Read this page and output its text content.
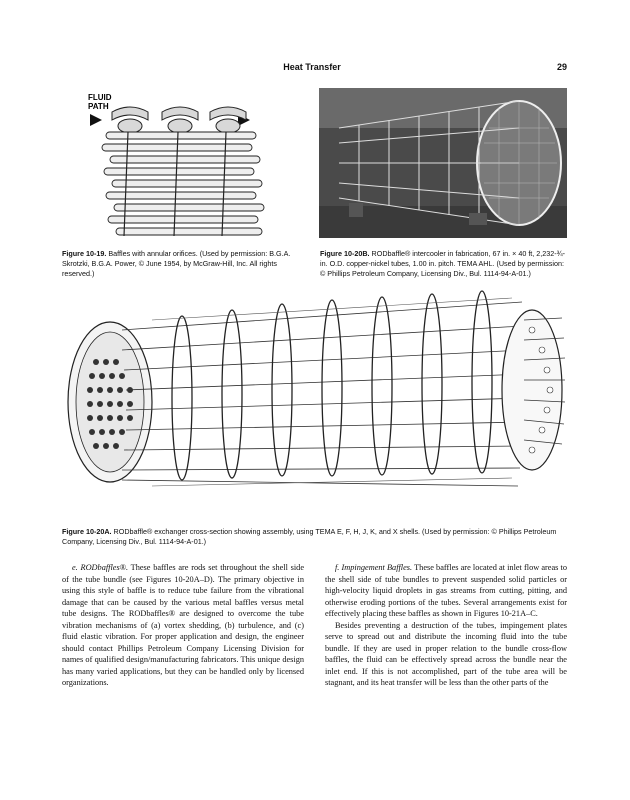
Heat Transfer	29
FLUID
PATH
Figure 10-19. Baffles with annular orifices. (Used by permission: B.G.A. Skrotzki, B.G.A. Power, © June 1954, by McGraw-Hill, Inc. All rights reserved.)
Figure 10-20B. RODbaffle® intercooler in fabrication, 67 in. × 40 ft, 2,232-¾-in. O.D. copper-nickel tubes, 1.00 in. pitch. TEMA AHL. (Used by permission: © Phillips Petroleum Company, Licensing Div., Bul. 1114-94-A-01.)
Figure 10-20A. RODbaffle® exchanger cross-section showing assembly, using TEMA E, F, H, J, K, and X shells. (Used by permission: © Phillips Petroleum Company, Licensing Div., Bul. 1114-94-A-01.)

e. RODbaffles®. These baffles are rods set throughout the shell side of the tube bundle (see Figures 10-20A–D). The primary objective in using this style of baffle is to reduce tube failure from the vibrational damage that can be caused by the various metal baffles versus metal tube designs. The RODbaffles® are designed to overcome the tube vibration mechanisms of (a) vortex shedding, (b) turbulence, and (c) fluid elastic vibration. For proper application and design, the engineer should contact Phillips Petroleum Company Licensing Division for names of qualified design/manufacturing fabricators. This unique design has many varied applications, but they can be handled only by licensed organizations.

f. Impingement Baffles. These baffles are located at inlet flow areas to the shell side of tube bundles to prevent suspended solid particles or high-velocity liquid droplets in gas streams from cutting, pitting, and otherwise eroding portions of the tubes. Several arrangements exist for effectively placing these baffles as shown in Figures 10-21A–C.

Besides preventing a destruction of the tubes, impingement plates serve to spread out and distribute the incoming fluid into the tube bundle. If they are used in proper relation to the bundle cross-flow baffles, the fluid can be effectively spread across the bundle near the inlet end. If this is not accomplished, part of the tube area will be stagnant, and its heat transfer will be less than the other parts of the
